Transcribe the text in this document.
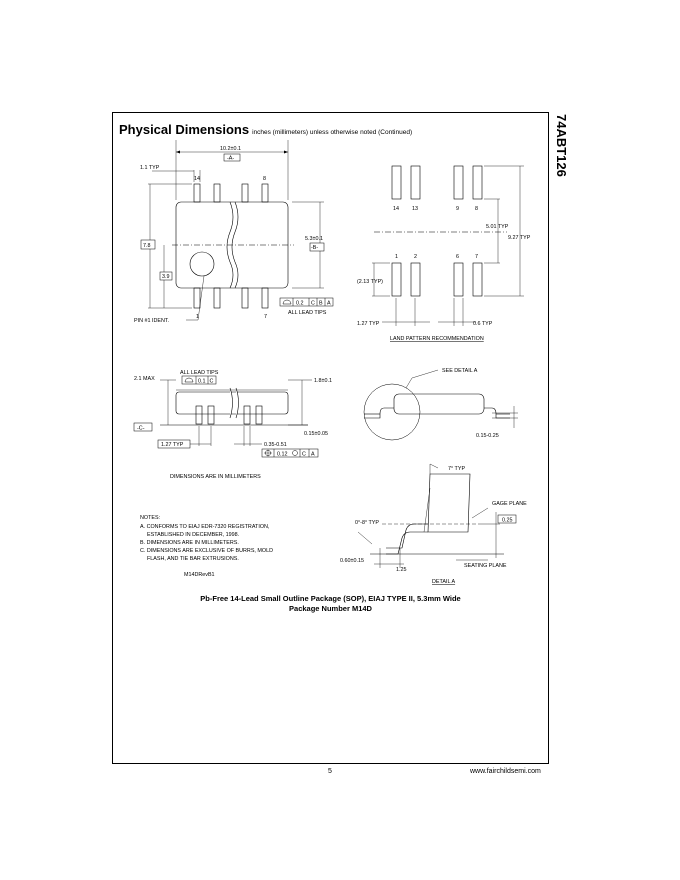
74ABT126
Physical Dimensions inches (millimeters) unless otherwise noted (Continued)
10.2±0.1
-A-
1.1 TYP
14	8
1	7
7.8
5.3±0.1
-B-
3.9
PIN #1 IDENT.
0.2 C B A
ALL LEAD TIPS
14 13	9	8
1	2	6	7
5.01 TYP
9.27 TYP
(2.13 TYP)
1.27 TYP	0.6 TYP
LAND PATTERN RECOMMENDATION
ALL LEAD TIPS
2.1 MAX	0.1 C	1.8±0.1
-C-
0.15±0.05
1.27 TYP	0.35-0.51
0.12	C A
DIMENSIONS ARE IN MILLIMETERS
SEE DETAIL A
0.15-0.25
7° TYP
GAGE PLANE
0°-8° TYP	0.25
0.60±0.15
SEATING PLANE
1.25
DETAIL A
NOTES:
A. CONFORMS TO EIAJ EDR-7320 REGISTRATION,
ESTABLISHED IN DECEMBER, 1998.
B. DIMENSIONS ARE IN MILLIMETERS.
C. DIMENSIONS ARE EXCLUSIVE OF BURRS, MOLD
FLASH, AND TIE BAR EXTRUSIONS.
M14DRevB1
Pb-Free 14-Lead Small Outline Package (SOP), EIAJ TYPE II, 5.3mm Wide
Package Number M14D
5	www.fairchildsemi.com
